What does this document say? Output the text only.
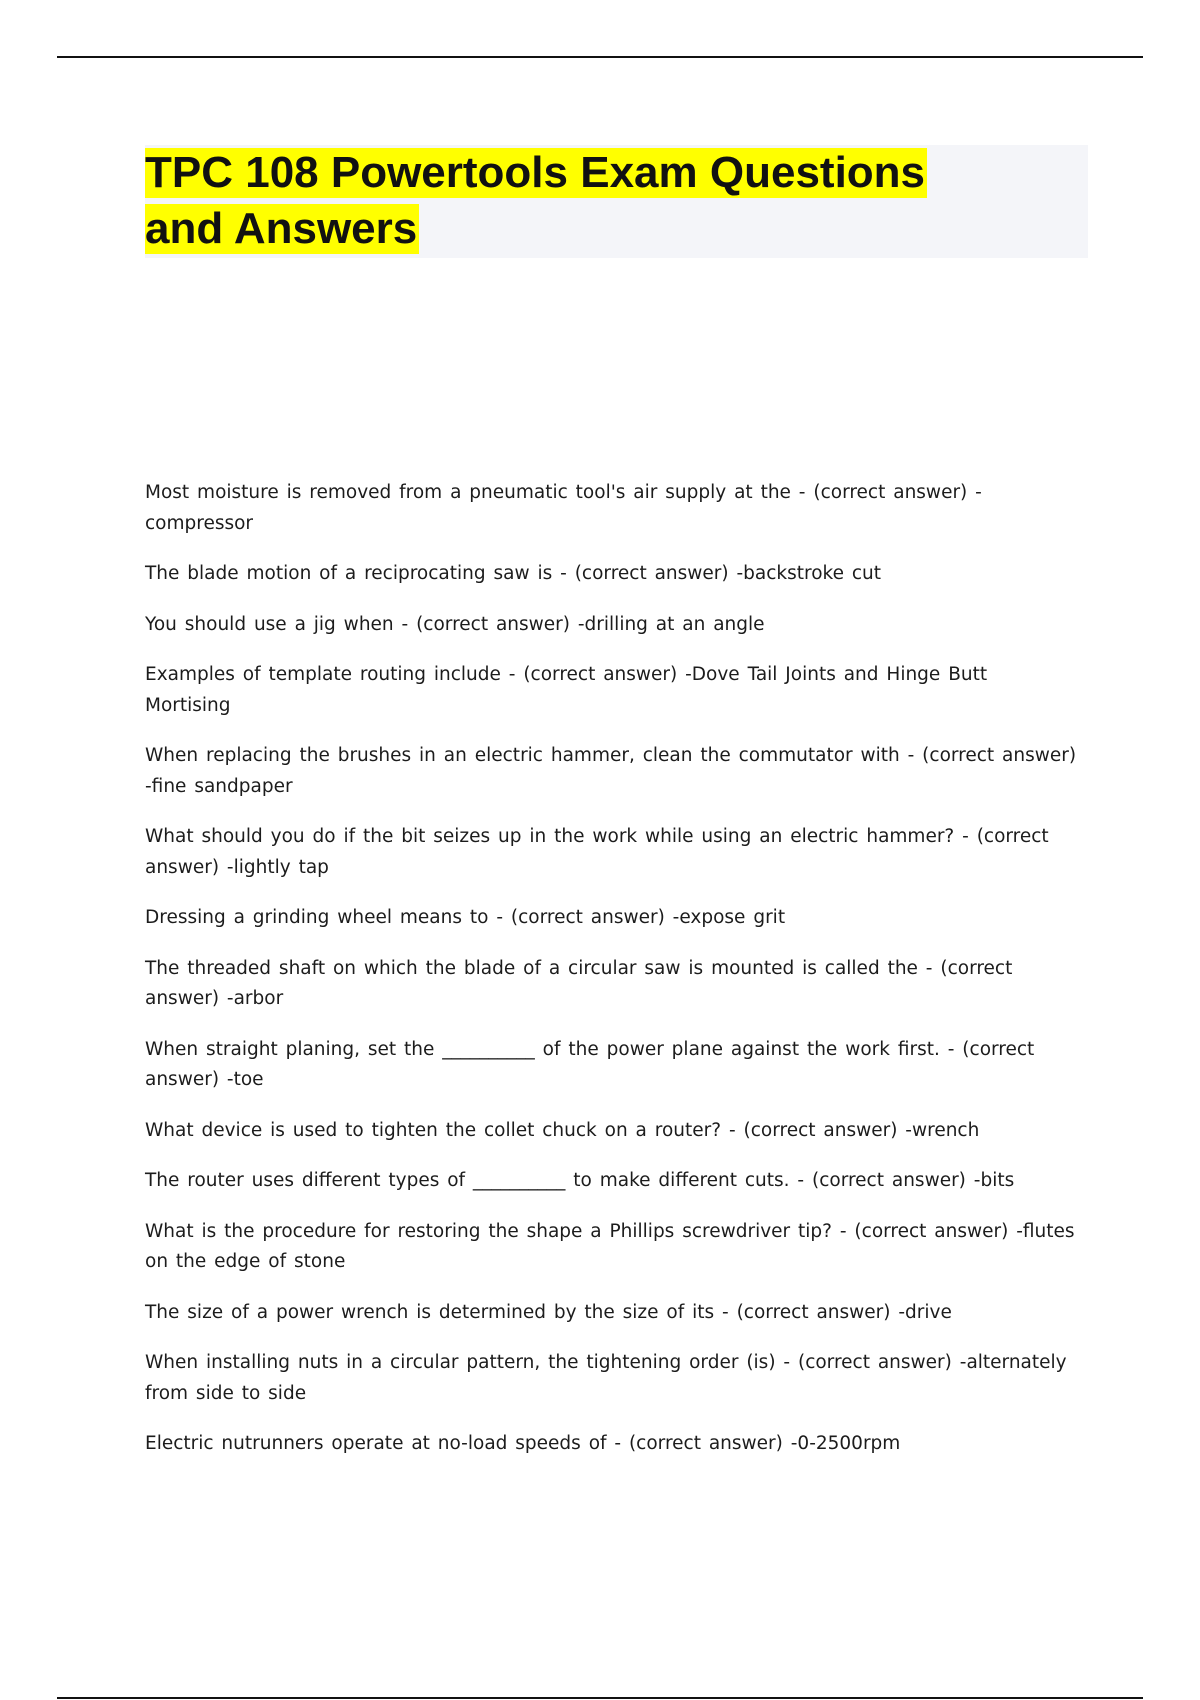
TPC 108 Powertools Exam Questions
and Answers
Most moisture is removed from a pneumatic tool's air supply at the - (correct answer) -compressor
The blade motion of a reciprocating saw is - (correct answer) -backstroke cut
You should use a jig when - (correct answer) -drilling at an angle
Examples of template routing include - (correct answer) -Dove Tail Joints and Hinge Butt Mortising
When replacing the brushes in an electric hammer, clean the commutator with - (correct answer) -fine sandpaper
What should you do if the bit seizes up in the work while using an electric hammer? - (correct answer) -lightly tap
Dressing a grinding wheel means to - (correct answer) -expose grit
The threaded shaft on which the blade of a circular saw is mounted is called the - (correct answer) -arbor
When straight planing, set the __________ of the power plane against the work first. - (correct answer) -toe
What device is used to tighten the collet chuck on a router? - (correct answer) -wrench
The router uses different types of __________ to make different cuts. - (correct answer) -bits
What is the procedure for restoring the shape a Phillips screwdriver tip? - (correct answer) -flutes on the edge of stone
The size of a power wrench is determined by the size of its - (correct answer) -drive
When installing nuts in a circular pattern, the tightening order (is) - (correct answer) -alternately from side to side
Electric nutrunners operate at no-load speeds of - (correct answer) -0-2500rpm
